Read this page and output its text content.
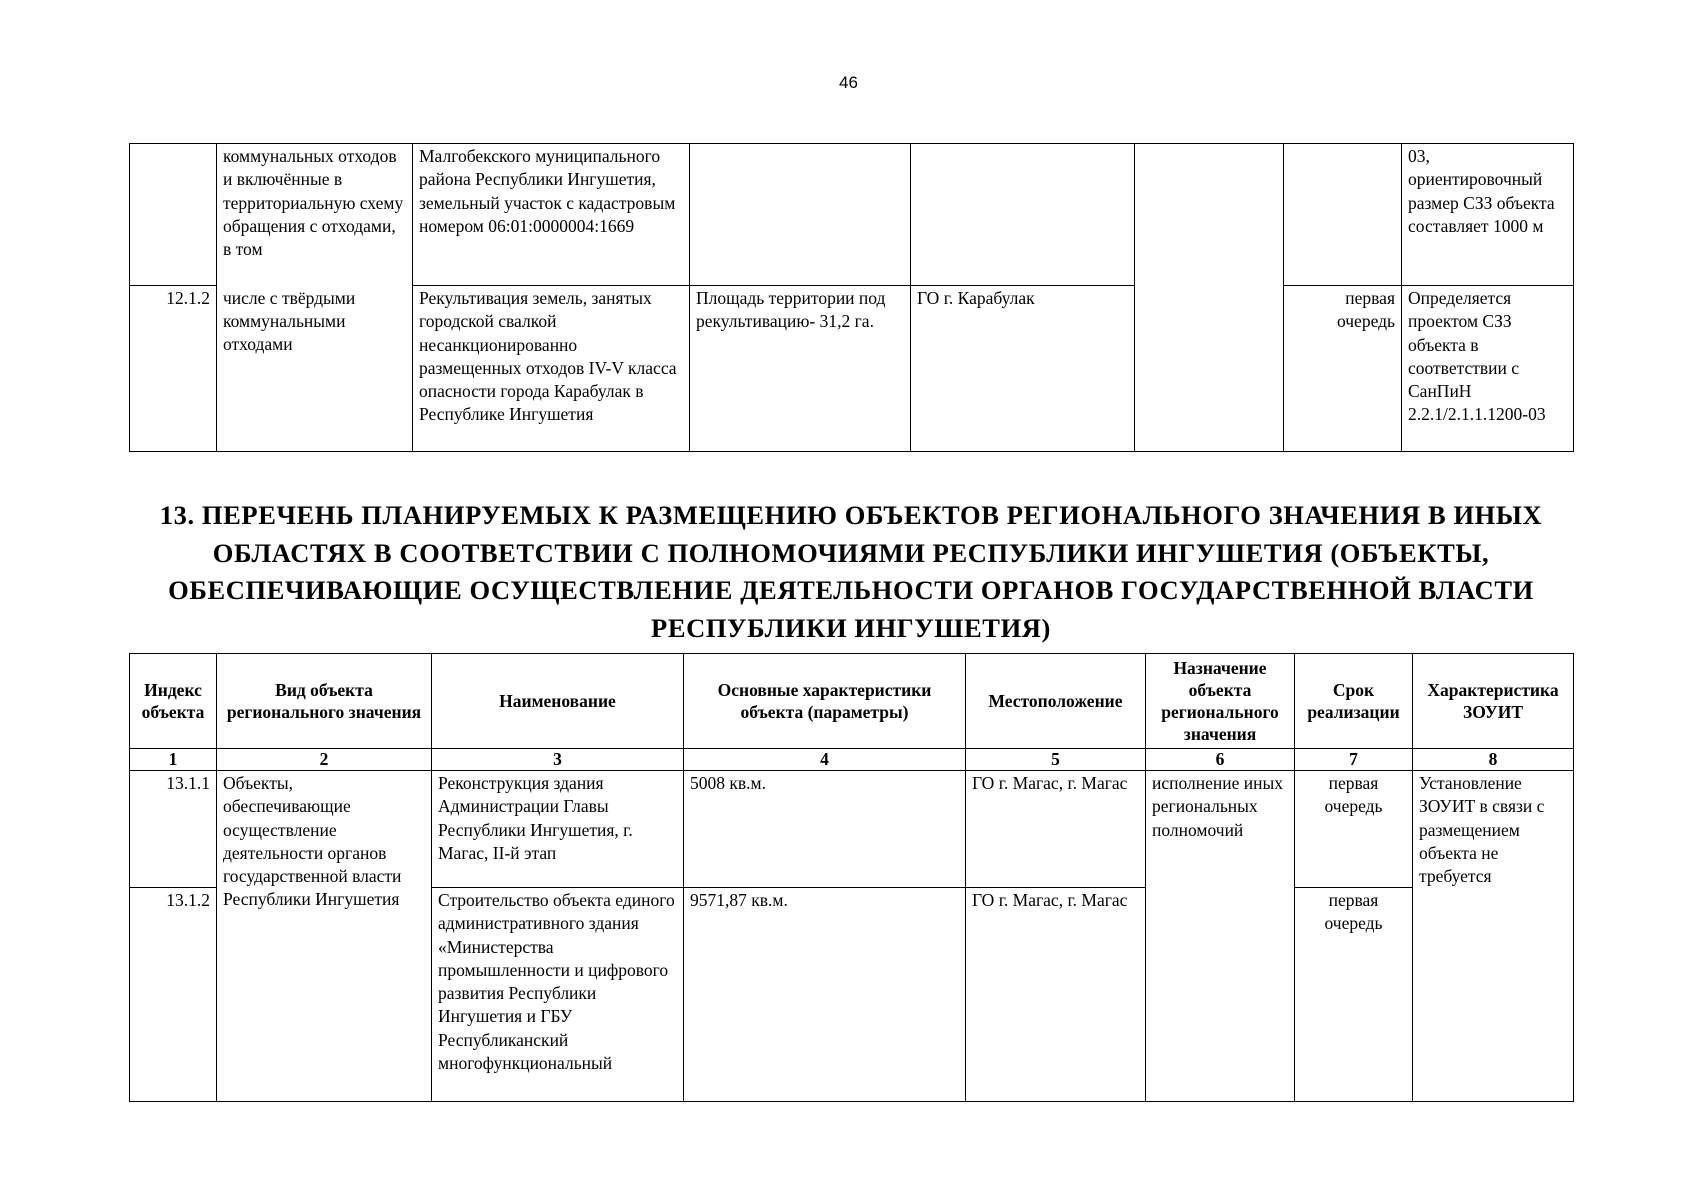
46
	коммунальных отходов и включённые в территориальную схему обращения с отходами, в том	Малгобекского муниципального района Республики Ингушетия, земельный участок с кадастровым номером 06:01:0000004:1669					03, ориентировочный размер СЗЗ объекта составляет 1000 м
12.1.2	числе с твёрдыми коммунальными отходами	Рекультивация земель, занятых городской свалкой несанкционированно размещенных отходов IV-V класса опасности города Карабулак в Республике Ингушетия	Площадь территории под рекультивацию- 31,2 га.	ГО г. Карабулак		первая очередь	Определяется проектом СЗЗ объекта в соответствии с СанПиН 2.2.1/2.1.1.1200-03
13. ПЕРЕЧЕНЬ ПЛАНИРУЕМЫХ К РАЗМЕЩЕНИЮ ОБЪЕКТОВ РЕГИОНАЛЬНОГО ЗНАЧЕНИЯ В ИНЫХ ОБЛАСТЯХ В СООТВЕТСТВИИ С ПОЛНОМОЧИЯМИ РЕСПУБЛИКИ ИНГУШЕТИЯ (ОБЪЕКТЫ, ОБЕСПЕЧИВАЮЩИЕ ОСУЩЕСТВЛЕНИЕ ДЕЯТЕЛЬНОСТИ ОРГАНОВ ГОСУДАРСТВЕННОЙ ВЛАСТИ РЕСПУБЛИКИ ИНГУШЕТИЯ)
Индекс объекта	Вид объекта регионального значения	Наименование	Основные характеристики объекта (параметры)	Местоположение	Назначение объекта регионального значения	Срок реализации	Характеристика ЗОУИТ
1	2	3	4	5	6	7	8
13.1.1	Объекты, обеспечивающие осуществление деятельности органов государственной власти Республики Ингушетия	Реконструкция здания Администрации Главы Республики Ингушетия, г. Магас, II-й этап	5008 кв.м.	ГО г. Магас, г. Магас	исполнение иных региональных полномочий	первая очередь	Установление ЗОУИТ в связи с размещением объекта не требуется
13.1.2		Строительство объекта единого административного здания «Министерства промышленности и цифрового развития Республики Ингушетия и ГБУ Республиканский многофункциональный	9571,87 кв.м.	ГО г. Магас, г. Магас		первая очередь	
